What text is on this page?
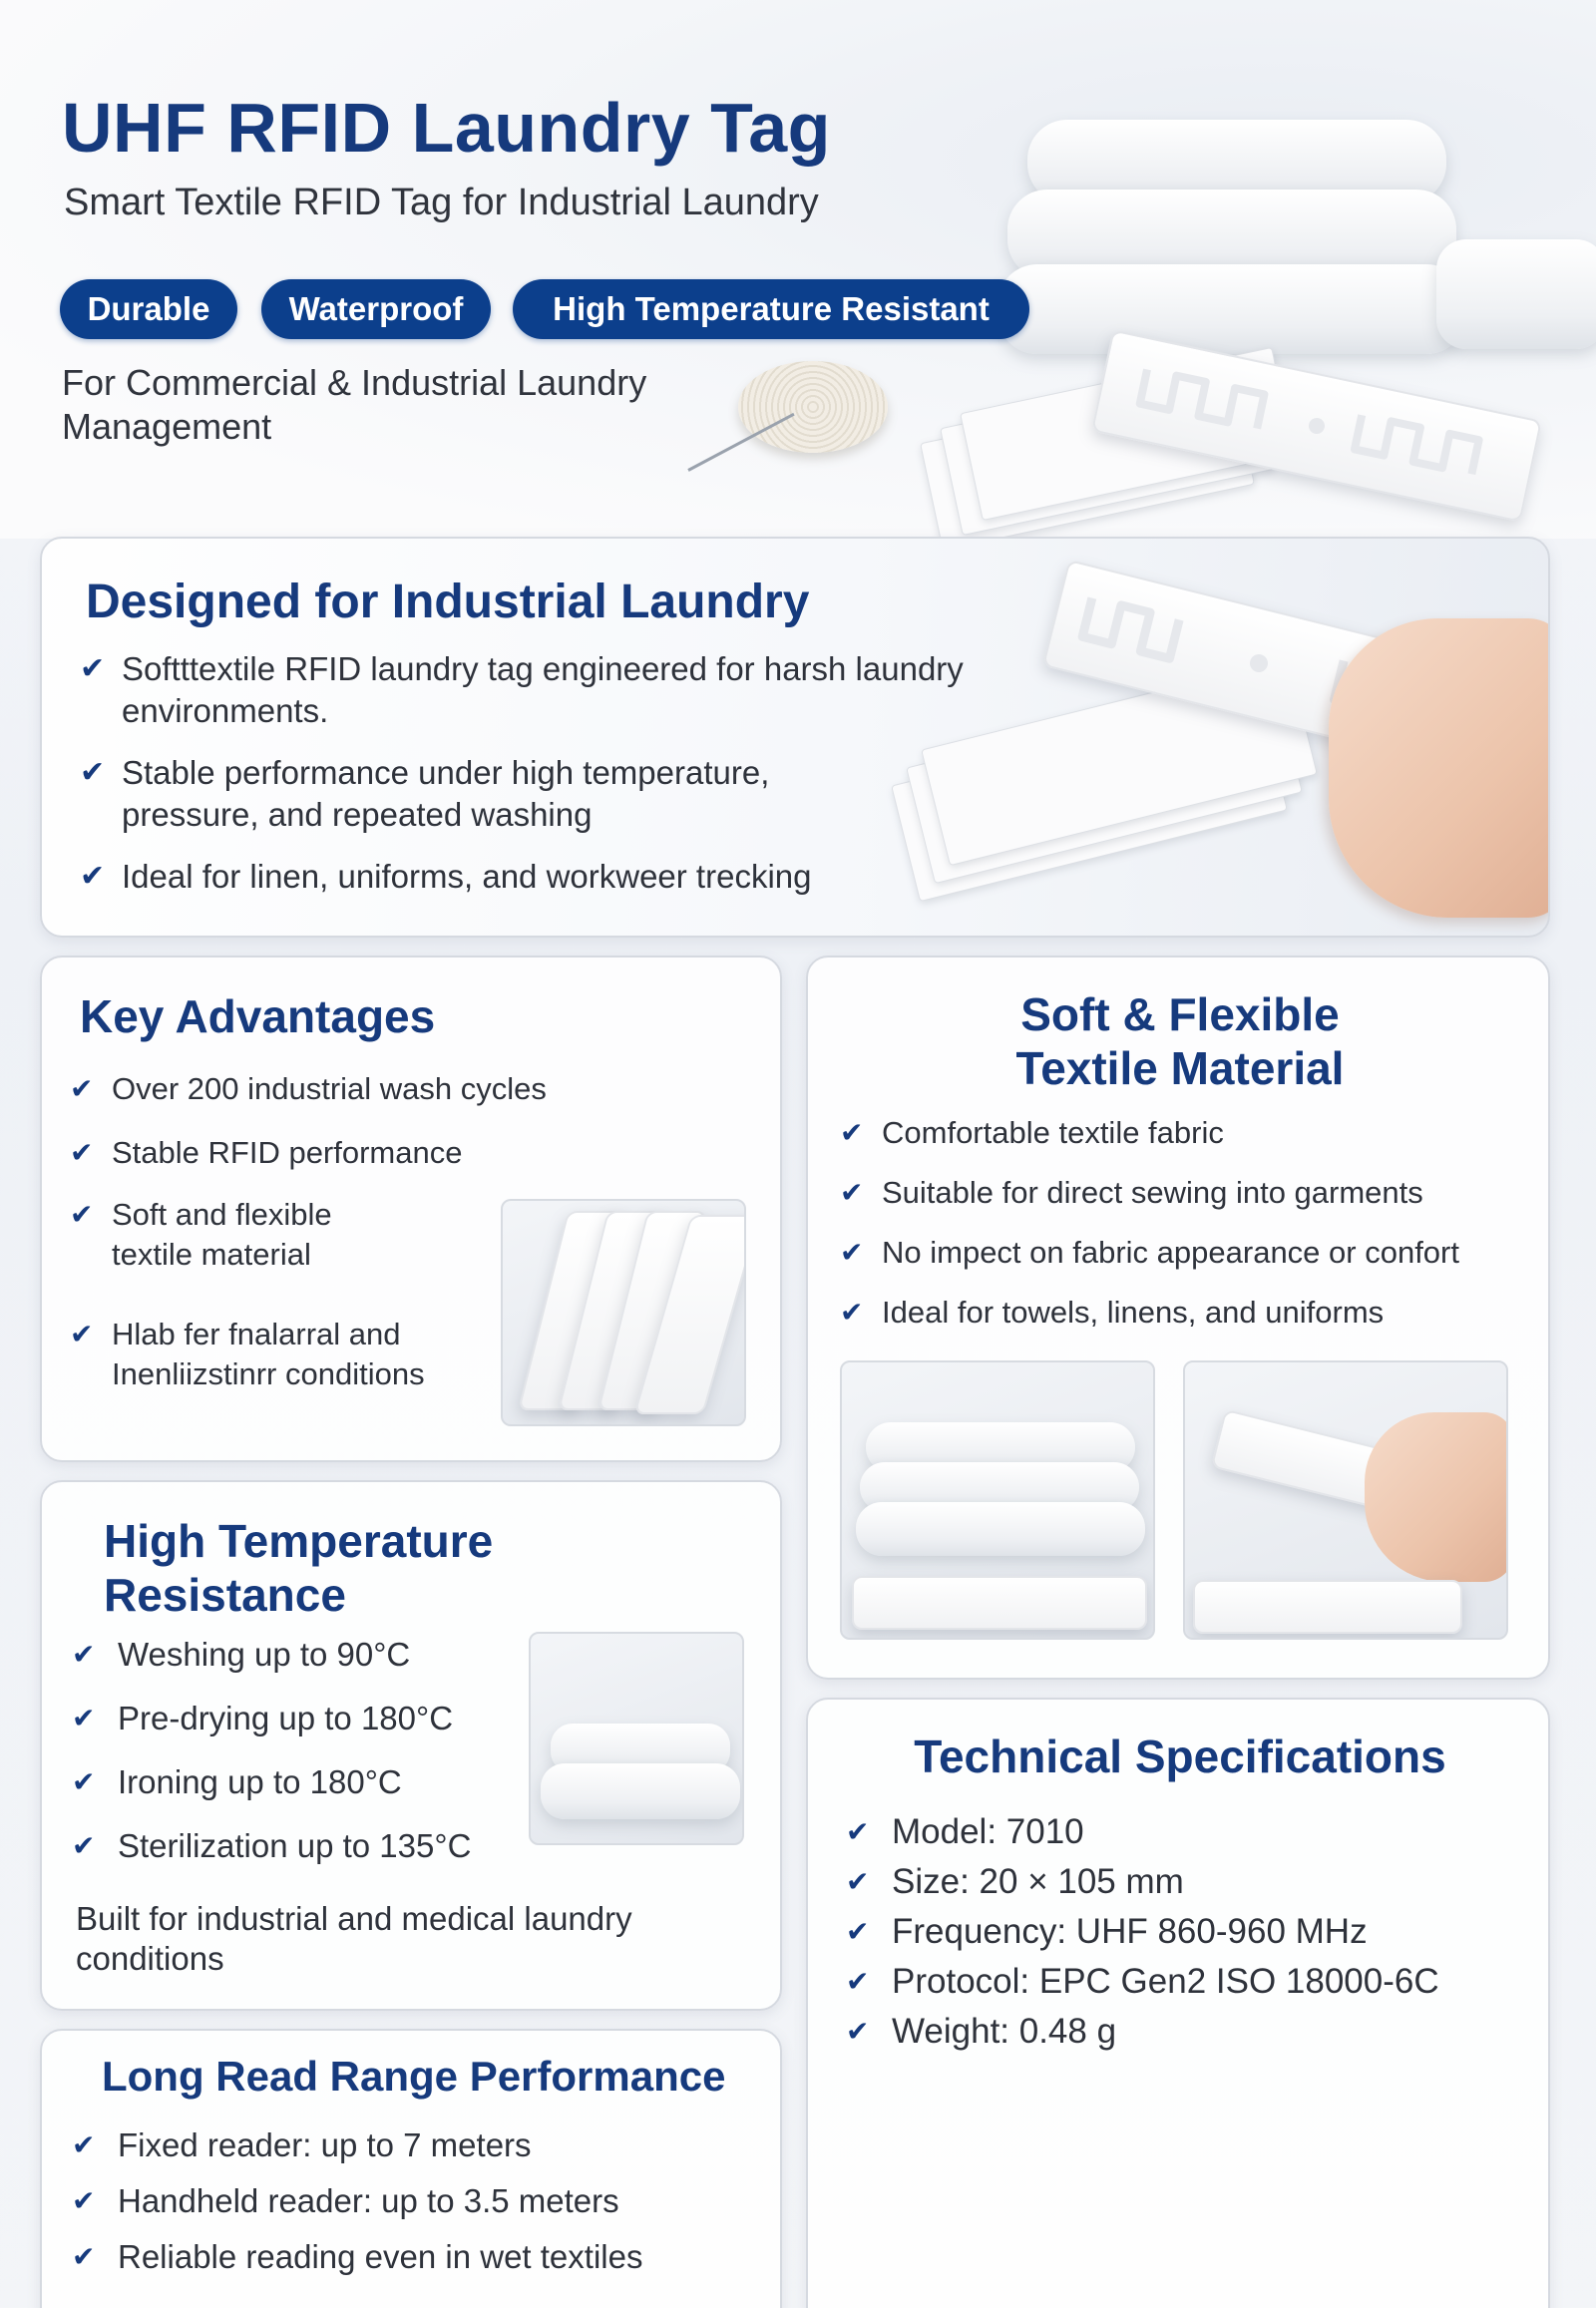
UHF RFID Laundry Tag

Smart Textile RFID Tag for Industrial Laundry

Durable	Waterproof	High Temperature Resistant

For Commercial & Industrial Laundry Management

Designed for Industrial Laundry
✔ Softttextile RFID laundry tag engineered for harsh laundry environments.
✔ Stable performance under high temperature, pressure, and repeated washing
✔ Ideal for linen, uniforms, and workweer trecking
Key Advantages
✔ Over 200 industrial wash cycles
✔ Stable RFID performance
✔ Soft and flexible textile material
✔ Hlab fer fnalarral and Inenliizstinrr conditions
Soft & Flexible Textile Material
✔ Comfortable textile fabric
✔ Suitable for direct sewing into garments
✔ No impect on fabric appearance or confort
✔ Ideal for towels, linens, and uniforms
High Temperature Resistance
✔ Weshing up to 90°C
✔ Pre-drying up to 180°C
✔ Ironing up to 180°C
✔ Sterilization up to 135°C

Built for industrial and medical laundry conditions

Technical Specifications
✔ Model: 7010
✔ Size: 20 × 105 mm
✔ Frequency: UHF 860-960 MHz
✔ Protocol: EPC Gen2 ISO 18000-6C
✔ Weight: 0.48 g
Long Read Range Performance
✔ Fixed reader: up to 7 meters
✔ Handheld reader: up to 3.5 meters
✔ Reliable reading even in wet textiles
